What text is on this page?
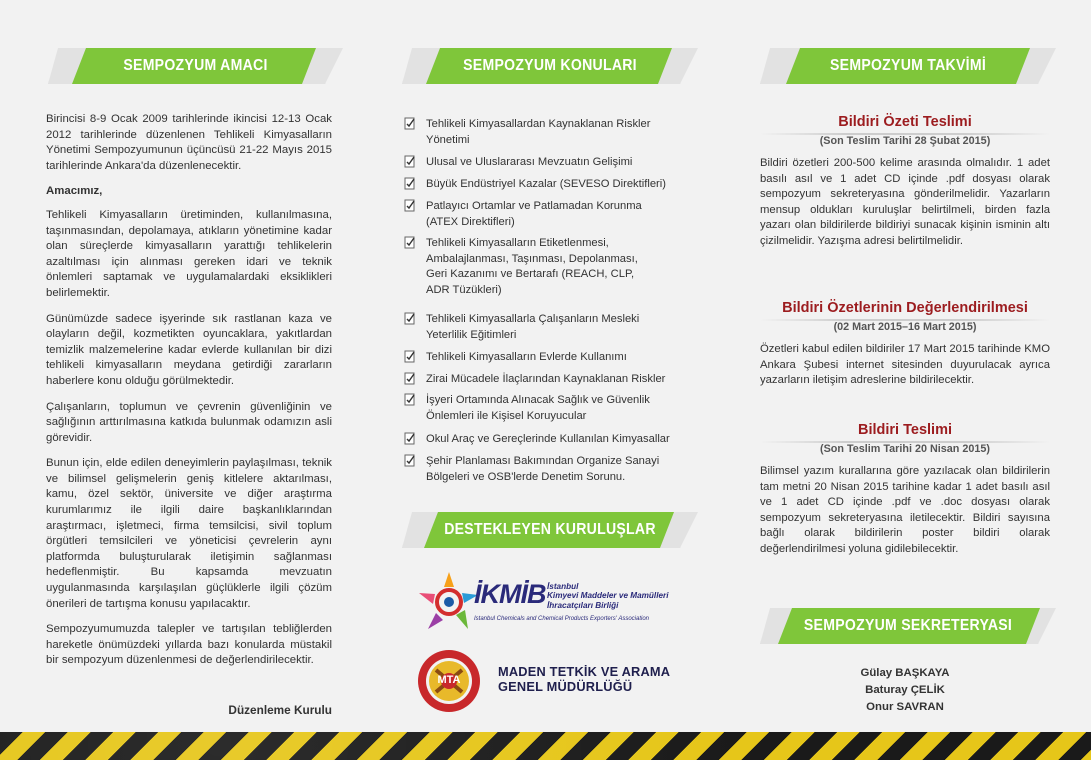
SEMPOZYUM AMACI

Birincisi 8-9 Ocak 2009 tarihlerinde ikincisi 12-13 Ocak 2012 tarihlerinde düzenlenen Tehlikeli Kimyasalların Yönetimi Sempozyumunun üçüncüsü 21-22 Mayıs 2015 tarihlerinde Ankara'da düzenlenecektir.

Amacımız,

Tehlikeli Kimyasalların üretiminden, kullanılmasına, taşınmasından, depolamaya, atıkların yönetimine kadar olan süreçlerde kimyasalların yarattığı tehlikelerin azaltılması için alınması gereken idari ve teknik önlemleri saptamak ve uygulamalardaki eksiklikleri belirlemektir.

Günümüzde sadece işyerinde sık rastlanan kaza ve olayların değil, kozmetikten oyuncaklara, yakıtlardan temizlik malzemelerine kadar evlerde kullanılan bir dizi tehlikeli kimyasalların meydana getirdiği zararların haberlere konu olduğu görülmektedir.

Çalışanların, toplumun ve çevrenin güvenliğinin ve sağlığının arttırılmasına katkıda bulunmak odamızın asli görevidir.

Bunun için, elde edilen deneyimlerin paylaşılması, teknik ve bilimsel gelişmelerin geniş kitlelere aktarılması, kamu, özel sektör, üniversite ve diğer araştırma kurumlarımız ile ilgili daire başkanlıklarından araştırmacı, işletmeci, firma temsilcisi, sivil toplum örgütleri temsilcileri ve yöneticisi çevrelerin aynı platformda buluşturularak iletişimin sağlanması hedeflenmiştir. Bu kapsamda mevzuatın uygulanmasında karşılaşılan güçlüklerle ilgili çözüm önerileri de tartışma konusu yapılacaktır.

Sempozyumumuzda talepler ve tartışılan tebliğlerden hareketle önümüzdeki yıllarda bazı konularda müstakil bir sempozyum düzenlenmesi de değerlendirilecektir.

Düzenleme Kurulu
SEMPOZYUM KONULARI
Tehlikeli Kimyasallardan Kaynaklanan Riskler Yönetimi
Ulusal ve Uluslararası Mevzuatın Gelişimi
Büyük Endüstriyel Kazalar (SEVESO Direktifleri)
Patlayıcı Ortamlar ve Patlamadan Korunma (ATEX Direktifleri)
Tehlikeli Kimyasalların Etiketlenmesi, Ambalajlanması, Taşınması, Depolanması, Geri Kazanımı ve Bertarafı (REACH, CLP, ADR Tüzükleri)
Tehlikeli Kimyasallarla Çalışanların Mesleki Yeterlilik Eğitimleri
Tehlikeli Kimyasalların Evlerde Kullanımı
Zirai Mücadele İlaçlarından Kaynaklanan Riskler
İşyeri Ortamında Alınacak Sağlık ve Güvenlik Önlemleri ile Kişisel Koruyucular
Okul Araç ve Gereçlerinde Kullanılan Kimyasallar
Şehir Planlaması Bakımından Organize Sanayi Bölgeleri ve OSB'lerde Denetim Sorunu.
DESTEKLEYEN KURULUŞLAR
İKMİB İstanbul
Kimyevi Maddeler ve Mamülleri
İhracatçıları Birliği
Istanbul Chemicals and Chemical Products Exporters' Association
MTA
MADEN TETKİK VE ARAMA
GENEL MÜDÜRLÜĞÜ
SEMPOZYUM TAKVİMİ
Bildiri Özeti Teslimi
(Son Teslim Tarihi 28 Şubat 2015)
Bildiri özetleri 200-500 kelime arasında olmalıdır. 1 adet basılı asıl ve 1 adet CD içinde .pdf dosyası olarak sempozyum sekreteryasına gönderilmelidir. Yazarların mensup oldukları kuruluşlar belirtilmeli, birden fazla yazarı olan bildirilerde bildiriyi sunacak kişinin isminin altı çizilmelidir. Yazışma adresi belirtilmelidir.
Bildiri Özetlerinin Değerlendirilmesi
(02 Mart 2015–16 Mart 2015)
Özetleri kabul edilen bildiriler 17 Mart 2015 tarihinde KMO Ankara Şubesi internet sitesinden duyurulacak ayrıca yazarların iletişim adreslerine bildirilecektir.
Bildiri Teslimi
(Son Teslim Tarihi 20 Nisan 2015)
Bilimsel yazım kurallarına göre yazılacak olan bildirilerin tam metni 20 Nisan 2015 tarihine kadar 1 adet basılı asıl ve 1 adet CD içinde .pdf ve .doc dosyası olarak sempozyum sekreteryasına iletilecektir. Bildiri sayısına bağlı olarak bildirilerin poster bildiri olarak değerlendirilmesi yoluna gidilebilecektir.
SEMPOZYUM SEKRETERYASI
Gülay BAŞKAYA
Baturay ÇELİK
Onur SAVRAN
